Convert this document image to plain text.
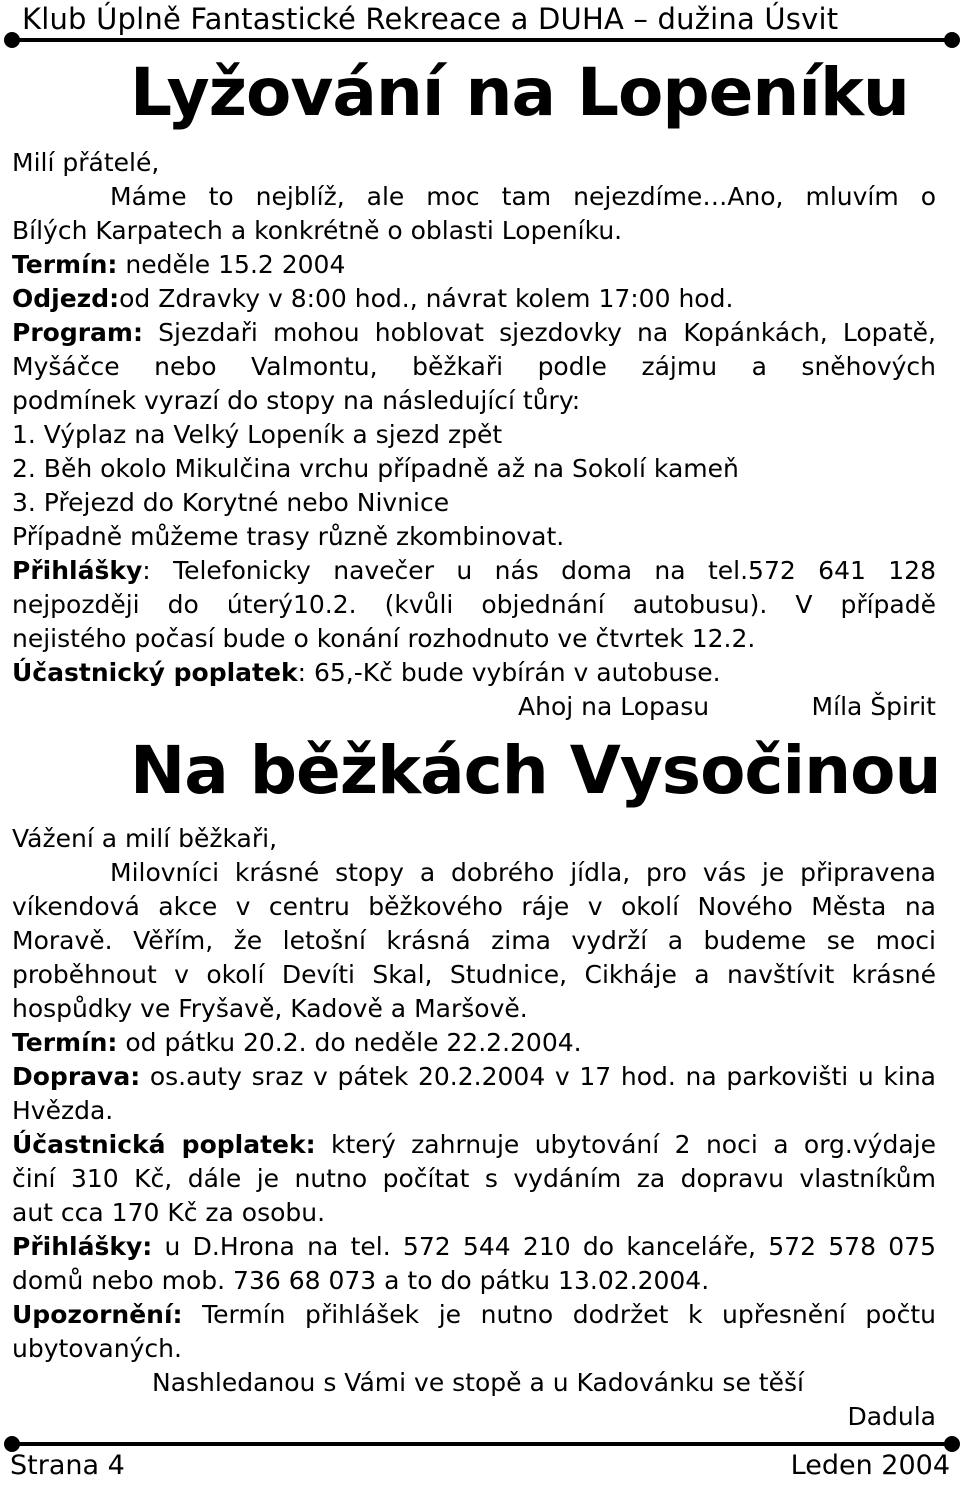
Klub Úplně Fantastické Rekreace a DUHA – dužina Úsvit
Lyžování na Lopeníku
Milí přátelé,
Máme to nejblíž, ale moc tam nejezdíme…Ano, mluvím o
Bílých Karpatech a konkrétně o oblasti Lopeníku.
Termín: neděle 15.2 2004
Odjezd:od Zdravky v 8:00 hod., návrat kolem 17:00 hod.
Program: Sjezdaři mohou hoblovat sjezdovky na Kopánkách, Lopatě,
Myšáčce nebo Valmontu, běžkaři podle zájmu a sněhových
podmínek vyrazí do stopy na následující tůry:
1. Výplaz na Velký Lopeník a sjezd zpět
2. Běh okolo Mikulčina vrchu případně až na Sokolí kameň
3. Přejezd do Korytné nebo Nivnice
Případně můžeme trasy různě zkombinovat.
Přihlášky: Telefonicky navečer u nás doma na tel.572 641 128
nejpozději do úterý10.2. (kvůli objednání autobusu). V případě
nejistého počasí bude o konání rozhodnuto ve čtvrtek 12.2.
Účastnický poplatek: 65,-Kč bude vybírán v autobuse.
Ahoj na Lopasu	Míla Špirit
Na běžkách Vysočinou
Vážení a milí běžkaři,
Milovníci krásné stopy a dobrého jídla, pro vás je připravena
víkendová akce v centru běžkového ráje v okolí Nového Města na
Moravě. Věřím, že letošní krásná zima vydrží a budeme se moci
proběhnout v okolí Devíti Skal, Studnice, Cikháje a navštívit krásné
hospůdky ve Fryšavě, Kadově a Maršově.
Termín: od pátku 20.2. do neděle 22.2.2004.
Doprava: os.auty sraz v pátek 20.2.2004 v 17 hod. na parkovišti u kina
Hvězda.
Účastnická poplatek: který zahrnuje ubytování 2 noci a org.výdaje
činí 310 Kč, dále je nutno počítat s vydáním za dopravu vlastníkům
aut cca 170 Kč za osobu.
Přihlášky: u D.Hrona na tel. 572 544 210 do kanceláře, 572 578 075
domů nebo mob. 736 68 073 a to do pátku 13.02.2004.
Upozornění: Termín přihlášek je nutno dodržet k upřesnění počtu
ubytovaných.
Nashledanou s Vámi ve stopě a u Kadovánku se těší
Dadula
Strana 4	Leden 2004
